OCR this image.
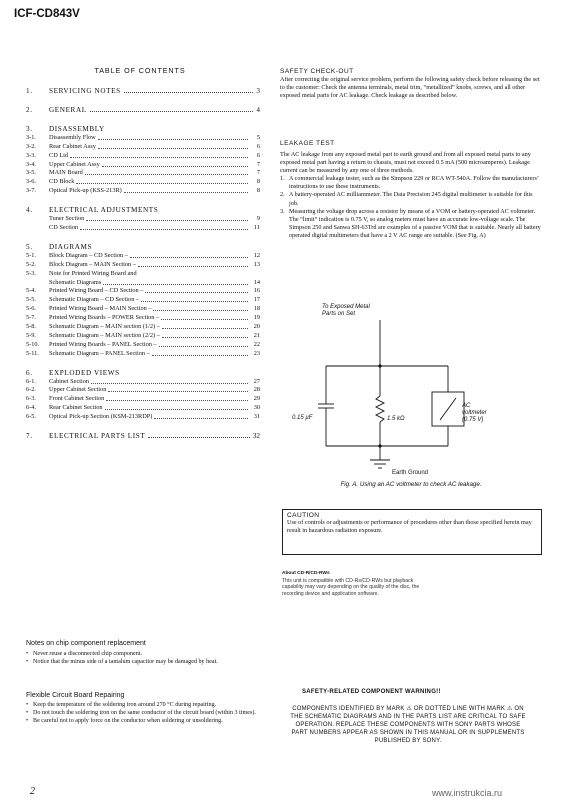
ICF-CD843V
TABLE OF CONTENTS
1.	SERVICING NOTES	3
2.	GENERAL	4
3.	DISASSEMBLY
3-1.	Disassembly Flow	5
3-2.	Rear Cabinet Assy	6
3-3.	CD Lid	6
3-4.	Upper Cabinet Assy	7
3-5.	MAIN Board	7
3-6.	CD Block	8
3-7.	Optical Pick-up (KSS-213R)	8
4.	ELECTRICAL ADJUSTMENTS
Tuner Section	9
CD Section	11
5.	DIAGRAMS
5-1.	Block Diagram – CD Section –	12
5-2.	Block Diagram – MAIN Section –	13
5-3.	Note for Printed Wiring Board and
Schematic Diagrams	14
5-4.	Printed Wiring Board – CD Section –	16
5-5.	Schematic Diagram – CD Section –	17
5-6.	Printed Wiring Board – MAIN Section –	18
5-7.	Printed Wiring Boards – POWER Section –	19
5-8.	Schematic Diagram – MAIN section (1/2) –	20
5-9.	Schematic Diagram – MAIN section (2/2) –	21
5-10.	Printed Wiring Boards – PANEL Section –	22
5-11.	Schematic Diagram – PANEL Section –	23
6.	EXPLODED VIEWS
6-1.	Cabinet Section	27
6-2.	Upper Cabinet Section	28
6-3.	Front Cabinet Section	29
6-4.	Rear Cabinet Section	30
6-5.	Optical Pick-up Section (KSM-213RDP)	31
7.	ELECTRICAL PARTS LIST	32
SAFETY CHECK-OUT
After correcting the original service problem, perform the following safety check before releasing the set to the customer: Check the antenna terminals, metal trim, “metallized” knobs, screws, and all other exposed metal parts for AC leakage. Check leakage as described below.
LEAKAGE TEST
The AC leakage from any exposed metal part to earth ground and from all exposed metal parts to any exposed metal part having a return to chassis, must not exceed 0.5 mA (500 microamperes). Leakage current can be measured by any one of three methods.
1. A commercial leakage tester, such as the Simpson 229 or RCA WT-540A. Follow the manufacturers’ instructions to use these instruments.
2. A battery-operated AC milliammeter. The Data Precision 245 digital multimeter is suitable for this job.
3. Measuring the voltage drop across a resistor by means of a VOM or battery-operated AC voltmeter. The “limit” indication is 0.75 V, so analog meters must have an accurate low-voltage scale. The Simpson 250 and Sanwa SH-63Trd are examples of a passive VOM that is suitable. Nearly all battery operated digital multimeters that have a 2 V AC range are suitable. (See Fig. A)
To Exposed Metal
Parts on Set
0.15 µF	1.5 kΩ
AC
voltmeter
(0.75 V)
Earth Ground
Fig. A. Using an AC voltmeter to check AC leakage.
CAUTION
Use of controls or adjustments or performance of procedures other than those specified herein may result in hazardous radiation exposure.
About CD-R/CD-RWs
This unit is compatible with CD-Rs/CD-RWs but playback capability may vary depending on the quality of the disc, the recording device and application software.
Notes on chip component replacement
• Never reuse a disconnected chip component.
• Notice that the minus side of a tantalum capacitor may be damaged by heat.
Flexible Circuit Board Repairing
• Keep the temperature of the soldering iron around 270 °C during repairing.
• Do not touch the soldering iron on the same conductor of the circuit board (within 3 times).
• Be careful not to apply force on the conductor when soldering or unsoldering.
SAFETY-RELATED COMPONENT WARNING!!
COMPONENTS IDENTIFIED BY MARK ⚠ OR DOTTED LINE WITH MARK ⚠ ON THE SCHEMATIC DIAGRAMS AND IN THE PARTS LIST ARE CRITICAL TO SAFE OPERATION. REPLACE THESE COMPONENTS WITH SONY PARTS WHOSE PART NUMBERS APPEAR AS SHOWN IN THIS MANUAL OR IN SUPPLEMENTS PUBLISHED BY SONY.
2	www.instrukcia.ru
